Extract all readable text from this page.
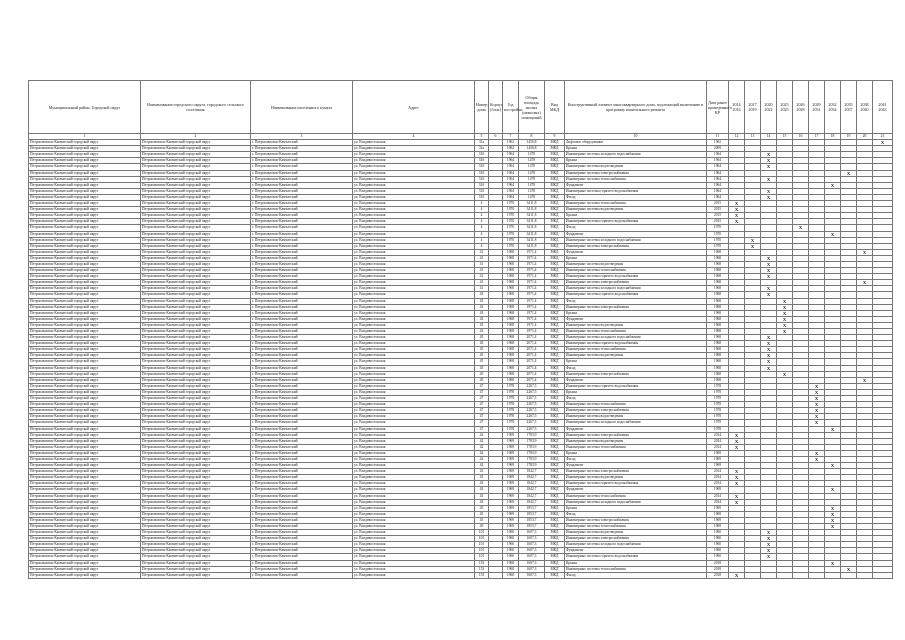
Муниципальный район, Городской округ	Наименование городского округа, городского сельского поселения	Наименование населенного пункта	Адрес	Номер дома	Корпус (блок)	Год постройки	Общая площадь жилых (нежилых) помещений	Вид МКД	Конструктивный элемент многоквартирного дома, подлежащий включению в программу капитального ремонта	Дата ранее проведенного КР	2014 2016	2017 2019	2020 2022	2023 2025	2026 2028	2029 2031	2032 2034	2035 2037	2038 2040	2041 2043
1	2	3	4	5	6	7	8	9	10	11	12	13	14	15	16	17	18	19	20	21
Петропавловск-Камчатский городской округ	Петропавловск-Камчатский городской округ	г. Петропавловск-Камчатский	ул. Владивостокская	31а		1962	1456,8	МКД	Лифтовое оборудование	1962										X
Петропавловск-Камчатский городской округ	Петропавловск-Камчатский городской округ	г. Петропавловск-Камчатский	ул. Владивостокская	31а		1962	1456,8	МКД	Крыша	2009										
Петропавловск-Камчатский городской округ	Петропавловск-Камчатский городской округ	г. Петропавловск-Камчатский	ул. Владивостокская	31б		1964	1478	МКД	Инженерные системы холодного водоснабжения	1964			X							
Петропавловск-Камчатский городской округ	Петропавловск-Камчатский городской округ	г. Петропавловск-Камчатский	ул. Владивостокская	31б		1964	1478	МКД	Крыша	1964			X							
Петропавловск-Камчатский городской округ	Петропавловск-Камчатский городской округ	г. Петропавловск-Камчатский	ул. Владивостокская	31б		1964	1478	МКД	Инженерные системы водоотведения	1964			X							
Петропавловск-Камчатский городской округ	Петропавловск-Камчатский городской округ	г. Петропавловск-Камчатский	ул. Владивостокская	31б		1964	1478	МКД	Инженерные системы электроснабжения	1964								X		
Петропавловск-Камчатский городской округ	Петропавловск-Камчатский городской округ	г. Петропавловск-Камчатский	ул. Владивостокская	31б		1964	1478	МКД	Инженерные системы теплоснабжения	1964			X							
Петропавловск-Камчатский городской округ	Петропавловск-Камчатский городской округ	г. Петропавловск-Камчатский	ул. Владивостокская	31б		1964	1478	МКД	Фундамент	1964							X			
Петропавловск-Камчатский городской округ	Петропавловск-Камчатский городской округ	г. Петропавловск-Камчатский	ул. Владивостокская	31б		1964	1478	МКД	Инженерные системы горячего водоснабжения	1964			X							
Петропавловск-Камчатский городской округ	Петропавловск-Камчатский городской округ	г. Петропавловск-Камчатский	ул. Владивостокская	31б		1964	1478	МКД	Фасад	1964			X							
Петропавловск-Камчатский городской округ	Петропавловск-Камчатский городской округ	г. Петропавловск-Камчатский	ул. Владивостокская	4		1970	3411,8	МКД	Инженерные системы теплоснабжения	2015	X									
Петропавловск-Камчатский городской округ	Петропавловск-Камчатский городской округ	г. Петропавловск-Камчатский	ул. Владивостокская	4		1970	3411,8	МКД	Инженерные системы водоотведения	2015	X									
Петропавловск-Камчатский городской округ	Петропавловск-Камчатский городской округ	г. Петропавловск-Камчатский	ул. Владивостокская	4		1970	3411,8	МКД	Крыша	2015	X									
Петропавловск-Камчатский городской округ	Петропавловск-Камчатский городской округ	г. Петропавловск-Камчатский	ул. Владивостокская	4		1970	3411,8	МКД	Инженерные системы горячего водоснабжения	2015	X									
Петропавловск-Камчатский городской округ	Петропавловск-Камчатский городской округ	г. Петропавловск-Камчатский	ул. Владивостокская	4		1970	3411,8	МКД	Фасад	1970					X					
Петропавловск-Камчатский городской округ	Петропавловск-Камчатский городской округ	г. Петропавловск-Камчатский	ул. Владивостокская	4		1970	3411,8	МКД	Фундамент	1970							X			
Петропавловск-Камчатский городской округ	Петропавловск-Камчатский городской округ	г. Петропавловск-Камчатский	ул. Владивостокская	4		1970	3411,8	МКД	Инженерные системы холодного водоснабжения	1970		X								
Петропавловск-Камчатский городской округ	Петропавловск-Камчатский городской округ	г. Петропавловск-Камчатский	ул. Владивостокская	4		1970	3411,8	МКД	Инженерные системы электроснабжения	1970		X								
Петропавловск-Камчатский городской округ	Петропавловск-Камчатский городской округ	г. Петропавловск-Камчатский	ул. Владивостокская	41		1968	1971,4	МКД	Фундамент	1968									X	
Петропавловск-Камчатский городской округ	Петропавловск-Камчатский городской округ	г. Петропавловск-Камчатский	ул. Владивостокская	41		1968	1971,4	МКД	Крыша	1968			X							
Петропавловск-Камчатский городской округ	Петропавловск-Камчатский городской округ	г. Петропавловск-Камчатский	ул. Владивостокская	41		1968	1971,4	МКД	Инженерные системы водоотведения	1968			X							
Петропавловск-Камчатский городской округ	Петропавловск-Камчатский городской округ	г. Петропавловск-Камчатский	ул. Владивостокская	41		1968	1971,4	МКД	Инженерные системы теплоснабжения	1968			X							
Петропавловск-Камчатский городской округ	Петропавловск-Камчатский городской округ	г. Петропавловск-Камчатский	ул. Владивостокская	41		1968	1971,4	МКД	Инженерные системы горячего водоснабжения	1968			X							
Петропавловск-Камчатский городской округ	Петропавловск-Камчатский городской округ	г. Петропавловск-Камчатский	ул. Владивостокская	41		1968	1971,4	МКД	Инженерные системы электроснабжения	1968									X	
Петропавловск-Камчатский городской округ	Петропавловск-Камчатский городской округ	г. Петропавловск-Камчатский	ул. Владивостокская	41		1968	1971,4	МКД	Инженерные системы холодного водоснабжения	1968			X							
Петропавловск-Камчатский городской округ	Петропавловск-Камчатский городской округ	г. Петропавловск-Камчатский	ул. Владивостокская	43		1968	1971,4	МКД	Инженерные системы горячего водоснабжения	1968			X							
Петропавловск-Камчатский городской округ	Петропавловск-Камчатский городской округ	г. Петропавловск-Камчатский	ул. Владивостокская	43		1968	1971,4	МКД	Фасад	1968				X						
Петропавловск-Камчатский городской округ	Петропавловск-Камчатский городской округ	г. Петропавловск-Камчатский	ул. Владивостокская	43		1968	1971,4	МКД	Инженерные системы электроснабжения	1968				X						
Петропавловск-Камчатский городской округ	Петропавловск-Камчатский городской округ	г. Петропавловск-Камчатский	ул. Владивостокская	43		1968	1971,4	МКД	Крыша	1968				X						
Петропавловск-Камчатский городской округ	Петропавловск-Камчатский городской округ	г. Петропавловск-Камчатский	ул. Владивостокская	43		1968	1971,4	МКД	Фундамент	1968				X						
Петропавловск-Камчатский городской округ	Петропавловск-Камчатский городской округ	г. Петропавловск-Камчатский	ул. Владивостокская	43		1968	1971,4	МКД	Инженерные системы водоотведения	1968				X						
Петропавловск-Камчатский городской округ	Петропавловск-Камчатский городской округ	г. Петропавловск-Камчатский	ул. Владивостокская	43		1968	1971,4	МКД	Инженерные системы теплоснабжения	1968				X						
Петропавловск-Камчатский городской округ	Петропавловск-Камчатский городской округ	г. Петропавловск-Камчатский	ул. Владивостокская	45		1968	2071,4	МКД	Инженерные системы холодного водоснабжения	1968			X							
Петропавловск-Камчатский городской округ	Петропавловск-Камчатский городской округ	г. Петропавловск-Камчатский	ул. Владивостокская	45		1968	2071,4	МКД	Инженерные системы горячего водоснабжения	1968			X							
Петропавловск-Камчатский городской округ	Петропавловск-Камчатский городской округ	г. Петропавловск-Камчатский	ул. Владивостокская	45		1968	2071,4	МКД	Инженерные системы теплоснабжения	1968			X							
Петропавловск-Камчатский городской округ	Петропавловск-Камчатский городской округ	г. Петропавловск-Камчатский	ул. Владивостокская	45		1968	2071,4	МКД	Инженерные системы водоотведения	1968			X							
Петропавловск-Камчатский городской округ	Петропавловск-Камчатский городской округ	г. Петропавловск-Камчатский	ул. Владивостокская	45		1968	2071,4	МКД	Крыша	1968			X							
Петропавловск-Камчатский городской округ	Петропавловск-Камчатский городской округ	г. Петропавловск-Камчатский	ул. Владивостокская	45		1968	2071,4	МКД	Фасад	1968			X							
Петропавловск-Камчатский городской округ	Петропавловск-Камчатский городской округ	г. Петропавловск-Камчатский	ул. Владивостокская	45		1968	2071,4	МКД	Инженерные системы электроснабжения	1968				X						
Петропавловск-Камчатский городской округ	Петропавловск-Камчатский городской округ	г. Петропавловск-Камчатский	ул. Владивостокская	45		1968	2071,4	МКД	Фундамент	1968									X	
Петропавловск-Камчатский городской округ	Петропавловск-Камчатский городской округ	г. Петропавловск-Камчатский	ул. Владивостокская	47		1978	2267,5	МКД	Инженерные системы горячего водоснабжения	1978						X				
Петропавловск-Камчатский городской округ	Петропавловск-Камчатский городской округ	г. Петропавловск-Камчатский	ул. Владивостокская	47		1978	2267,5	МКД	Крыша	1978						X				
Петропавловск-Камчатский городской округ	Петропавловск-Камчатский городской округ	г. Петропавловск-Камчатский	ул. Владивостокская	47		1978	2267,5	МКД	Фасад	1978						X				
Петропавловск-Камчатский городской округ	Петропавловск-Камчатский городской округ	г. Петропавловск-Камчатский	ул. Владивостокская	47		1978	2267,5	МКД	Инженерные системы теплоснабжения	1978						X				
Петропавловск-Камчатский городской округ	Петропавловск-Камчатский городской округ	г. Петропавловск-Камчатский	ул. Владивостокская	47		1978	2267,5	МКД	Инженерные системы электроснабжения	1978						X				
Петропавловск-Камчатский городской округ	Петропавловск-Камчатский городской округ	г. Петропавловск-Камчатский	ул. Владивостокская	47		1978	2267,5	МКД	Инженерные системы водоотведения	1978						X				
Петропавловск-Камчатский городской округ	Петропавловск-Камчатский городской округ	г. Петропавловск-Камчатский	ул. Владивостокская	47		1978	2267,5	МКД	Инженерные системы холодного водоснабжения	1978						X				
Петропавловск-Камчатский городской округ	Петропавловск-Камчатский городской округ	г. Петропавловск-Камчатский	ул. Владивостокская	47		1978	2267,5	МКД	Фундамент	1978							X			
Петропавловск-Камчатский городской округ	Петропавловск-Камчатский городской округ	г. Петропавловск-Камчатский	ул. Владивостокская	42		1969	1783,9	МКД	Инженерные системы электроснабжения	2014	X									
Петропавловск-Камчатский городской округ	Петропавловск-Камчатский городской округ	г. Петропавловск-Камчатский	ул. Владивостокская	42		1969	1783,9	МКД	Инженерные системы водоотведения	2014	X									
Петропавловск-Камчатский городской округ	Петропавловск-Камчатский городской округ	г. Петропавловск-Камчатский	ул. Владивостокская	42		1969	1783,9	МКД	Инженерные системы теплоснабжения	2014	X									
Петропавловск-Камчатский городской округ	Петропавловск-Камчатский городской округ	г. Петропавловск-Камчатский	ул. Владивостокская	42		1969	1783,9	МКД	Крыша	1969						X				
Петропавловск-Камчатский городской округ	Петропавловск-Камчатский городской округ	г. Петропавловск-Камчатский	ул. Владивостокская	42		1969	1783,9	МКД	Фасад	1969						X				
Петропавловск-Камчатский городской округ	Петропавловск-Камчатский городской округ	г. Петропавловск-Камчатский	ул. Владивостокская	42		1969	1783,9	МКД	Фундамент	1969							X			
Петропавловск-Камчатский городской округ	Петропавловск-Камчатский городской округ	г. Петропавловск-Камчатский	ул. Владивостокская	43		1969	1842,7	МКД	Инженерные системы электроснабжения	2014	X									
Петропавловск-Камчатский городской округ	Петропавловск-Камчатский городской округ	г. Петропавловск-Камчатский	ул. Владивостокская	43		1969	1842,7	МКД	Инженерные системы водоотведения	2014	X									
Петропавловск-Камчатский городской округ	Петропавловск-Камчатский городской округ	г. Петропавловск-Камчатский	ул. Владивостокская	43		1969	1842,7	МКД	Инженерные системы горячего водоснабжения	2014	X									
Петропавловск-Камчатский городской округ	Петропавловск-Камчатский городской округ	г. Петропавловск-Камчатский	ул. Владивостокская	43		1969	1842,7	МКД	Фундамент	1969							X			
Петропавловск-Камчатский городской округ	Петропавловск-Камчатский городской округ	г. Петропавловск-Камчатский	ул. Владивостокская	43		1969	1842,7	МКД	Инженерные системы теплоснабжения	2014	X									
Петропавловск-Камчатский городской округ	Петропавловск-Камчатский городской округ	г. Петропавловск-Камчатский	ул. Владивостокская	43		1969	1842,7	МКД	Инженерные системы холодного водоснабжения	2014	X									
Петропавловск-Камчатский городской округ	Петропавловск-Камчатский городской округ	г. Петропавловск-Камчатский	ул. Владивостокская	45		1969	1853,7	МКД	Крыша	1969							X			
Петропавловск-Камчатский городской округ	Петропавловск-Камчатский городской округ	г. Петропавловск-Камчатский	ул. Владивостокская	45		1969	1853,7	МКД	Фасад	1969							X			
Петропавловск-Камчатский городской округ	Петропавловск-Камчатский городской округ	г. Петропавловск-Камчатский	ул. Владивостокская	45		1969	1853,7	МКД	Инженерные системы электроснабжения	1969							X			
Петропавловск-Камчатский городской округ	Петропавловск-Камчатский городской округ	г. Петропавловск-Камчатский	ул. Владивостокская	45		1969	1853,7	МКД	Инженерные системы теплоснабжения	1969							X			
Петропавловск-Камчатский городской округ	Петропавловск-Камчатский городской округ	г. Петропавловск-Камчатский	ул. Владивостокская	101		1960	1607,3	МКД	Инженерные системы водоотведения	1960			X							
Петропавловск-Камчатский городской округ	Петропавловск-Камчатский городской округ	г. Петропавловск-Камчатский	ул. Владивостокская	101		1960	1607,3	МКД	Инженерные системы электроснабжения	1960			X							
Петропавловск-Камчатский городской округ	Петропавловск-Камчатский городской округ	г. Петропавловск-Камчатский	ул. Владивостокская	101		1960	1607,3	МКД	Инженерные системы холодного водоснабжения	1960			X							
Петропавловск-Камчатский городской округ	Петропавловск-Камчатский городской округ	г. Петропавловск-Камчатский	ул. Владивостокская	101		1960	1607,3	МКД	Фундамент	1960			X							
Петропавловск-Камчатский городской округ	Петропавловск-Камчатский городской округ	г. Петропавловск-Камчатский	ул. Владивостокская	101		1960	1607,3	МКД	Инженерные системы горячего водоснабжения	1960			X							
Петропавловск-Камчатский городской округ	Петропавловск-Камчатский городской округ	г. Петропавловск-Камчатский	ул. Владивостокская	153		1960	1607,3	МКД	Крыша	2018							X			
Петропавловск-Камчатский городской округ	Петропавловск-Камчатский городской округ	г. Петропавловск-Камчатский	ул. Владивостокская	153		1960	1607,3	МКД	Инженерные системы теплоснабжения	2018								X		
Петропавловск-Камчатский городской округ	Петропавловск-Камчатский городской округ	г. Петропавловск-Камчатский	ул. Владивостокская	153		1960	1607,3	МКД	Фасад	2018	X									
